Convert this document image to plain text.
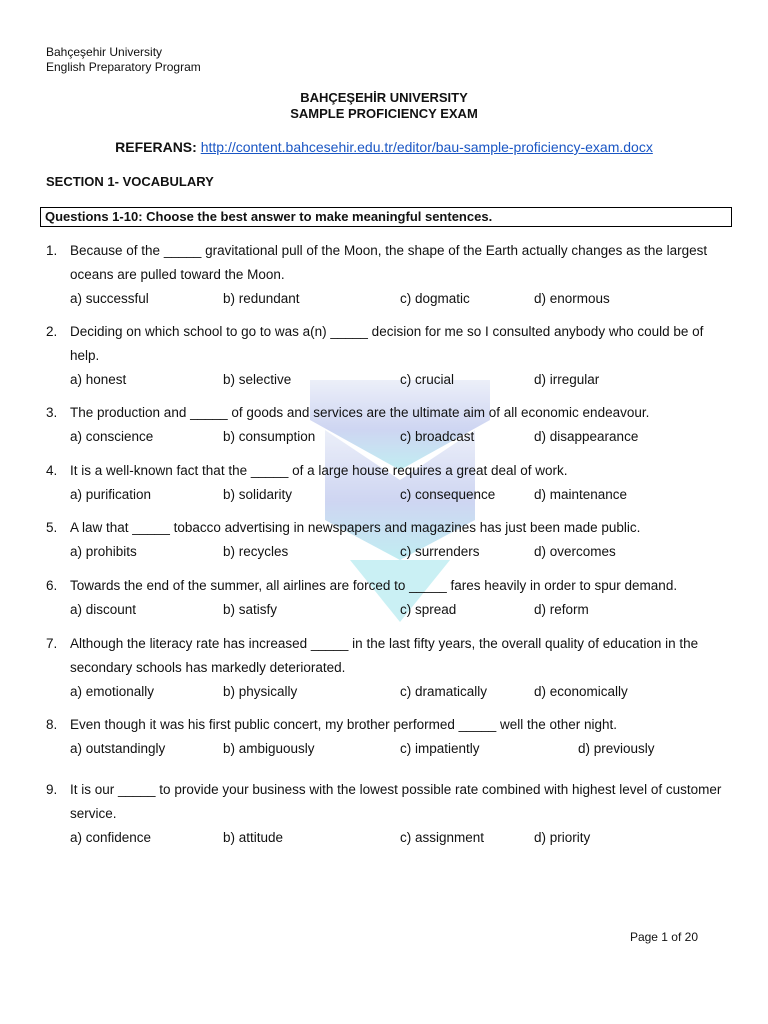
Bahçeşehir University
English Preparatory Program
BAHÇEŞEHİR UNIVERSITY
SAMPLE PROFICIENCY EXAM
REFERANS: http://content.bahcesehir.edu.tr/editor/bau-sample-proficiency-exam.docx
SECTION 1- VOCABULARY
Questions 1-10: Choose the best answer to make meaningful sentences.
1. Because of the _____ gravitational pull of the Moon, the shape of the Earth actually changes as the largest oceans are pulled toward the Moon.
a) successful	b) redundant	c) dogmatic	d) enormous
2. Deciding on which school to go to was a(n) _____ decision for me so I consulted anybody who could be of help.
a) honest	b) selective	c) crucial	d) irregular
3. The production and _____ of goods and services are the ultimate aim of all economic endeavour.
a) conscience	b) consumption	c) broadcast	d) disappearance
4. It is a well-known fact that the _____ of a large house requires a great deal of work.
a) purification	b) solidarity	c) consequence	d) maintenance
5. A law that _____ tobacco advertising in newspapers and magazines has just been made public.
a) prohibits	b) recycles	c) surrenders	d) overcomes
6. Towards the end of the summer, all airlines are forced to _____ fares heavily in order to spur demand.
a) discount	b) satisfy	c) spread	d) reform
7. Although the literacy rate has increased _____ in the last fifty years, the overall quality of education in the secondary schools has markedly deteriorated.
a) emotionally	b) physically	c) dramatically	d) economically
8. Even though it was his first public concert, my brother performed _____ well the other night.
a) outstandingly	b) ambiguously	c) impatiently	d) previously
9. It is our _____ to provide your business with the lowest possible rate combined with highest level of customer service.
a) confidence	b) attitude	c) assignment	d) priority
Page 1 of 20
